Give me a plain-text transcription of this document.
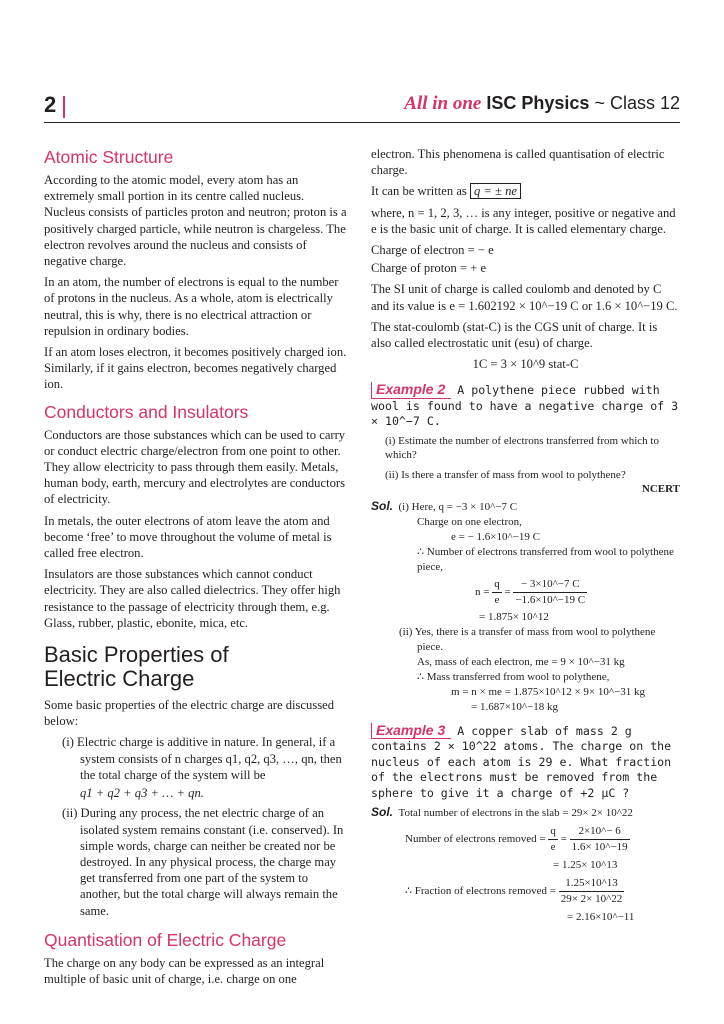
2	All in one ISC Physics ~ Class 12
Atomic Structure

According to the atomic model, every atom has an extremely small portion in its centre called nucleus. Nucleus consists of particles proton and neutron; proton is a positively charged particle, while neutron is chargeless. The electron revolves around the nucleus and consists of negative charge.

In an atom, the number of electrons is equal to the number of protons in the nucleus. As a whole, atom is electrically neutral, this is why, there is no electrical attraction or repulsion in ordinary bodies.

If an atom loses electron, it becomes positively charged ion. Similarly, if it gains electron, becomes negatively charged ion.

Conductors and Insulators

Conductors are those substances which can be used to carry or conduct electric charge/electron from one point to other. They allow electricity to pass through them easily. Metals, human body, earth, mercury and electrolytes are conductors of electricity.

In metals, the outer electrons of atom leave the atom and become ‘free’ to move throughout the volume of metal is called free electron.

Insulators are those substances which cannot conduct electricity. They are also called dielectrics. They offer high resistance to the passage of electricity through them, e.g. Glass, rubber, plastic, ebonite, mica, etc.

Basic Properties of
Electric Charge

Some basic properties of the electric charge are discussed below:

(i) Electric charge is additive in nature. In general, if a system consists of n charges q1, q2, q3, …, qn, then the total charge of the system will be

q1 + q2 + q3 + … + qn.

(ii) During any process, the net electric charge of an isolated system remains constant (i.e. conserved). In simple words, charge can neither be created nor be destroyed. In any physical process, the charge may get transferred from one part of the system to another, but the total charge will always remain the same.

Quantisation of Electric Charge

The charge on any body can be expressed as an integral multiple of basic unit of charge, i.e. charge on one

electron. This phenomena is called quantisation of electric charge.

It can be written as q = ± ne

where, n = 1, 2, 3, … is any integer, positive or negative and e is the basic unit of charge. It is called elementary charge.

Charge of electron = − e

Charge of proton = + e

The SI unit of charge is called coulomb and denoted by C and its value is e = 1.602192 × 10^−19 C or 1.6 × 10^−19 C.

The stat-coulomb (stat-C) is the CGS unit of charge. It is also called electrostatic unit (esu) of charge.

1C = 3 × 10^9 stat-C

Example 2 A polythene piece rubbed with wool is found to have a negative charge of 3 × 10^−7 C.

(i) Estimate the number of electrons transferred from which to which?

(ii) Is there a transfer of mass from wool to polythene?

NCERT
Sol. (i) Here, q = −3 × 10^−7 C
Charge on one electron,
e = − 1.6×10^−19 C
∴ Number of electrons transferred from wool to polythene piece,
$n = \frac{q}{e} = \frac{- 3\times 10\^{}-7 C}{-1.6\times 10\^{}-19 C}$
= 1.875× 10^12
(ii) Yes, there is a transfer of mass from wool to polythene piece.
As, mass of each electron, me = 9 × 10^−31 kg
∴ Mass transferred from wool to polythene,
m = n × me = 1.875×10^12 × 9× 10^−31 kg
= 1.687×10^−18 kg
Example 3 A copper slab of mass 2 g contains 2 × 10^22 atoms. The charge on the nucleus of each atom is 29 e. What fraction of the electrons must be removed from the sphere to give it a charge of +2 μC ?
Sol. Total number of electrons in the slab = 29× 2× 10^22
Number of electrons removed = $\frac{q}{e} = \frac{2\times 10\^{}- 6}{1.6\times 10\^{}-19}$
= 1.25× 10^13
∴ Fraction of electrons removed = $\frac{1.25\times 10\^{}13}{29\times 2\times 10\^{}22}$
= 2.16×10^−11
